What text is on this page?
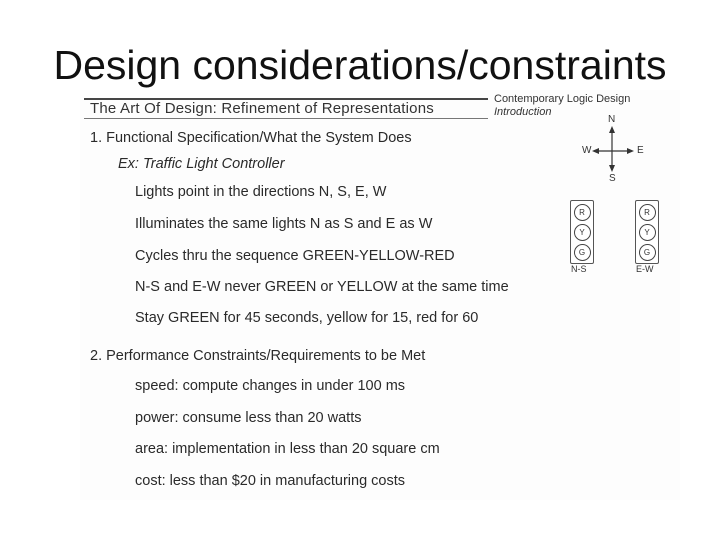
Design considerations/constraints
The Art Of Design: Refinement of Representations
Contemporary Logic Design
Introduction
1. Functional Specification/What the System Does
Ex: Traffic Light Controller
Lights point in the directions N, S, E, W
Illuminates the same lights N as S and E as W
Cycles thru the sequence GREEN-YELLOW-RED
N-S and E-W never GREEN or YELLOW at the same time
Stay GREEN for 45 seconds, yellow for 15, red for 60
2. Performance Constraints/Requirements to be Met
speed: compute changes in under 100 ms
power: consume less than 20 watts
area: implementation in less than 20 square cm
cost: less than $20 in manufacturing costs
N
S
W	E
R
Y
G
N-S
R
Y
G
E-W
